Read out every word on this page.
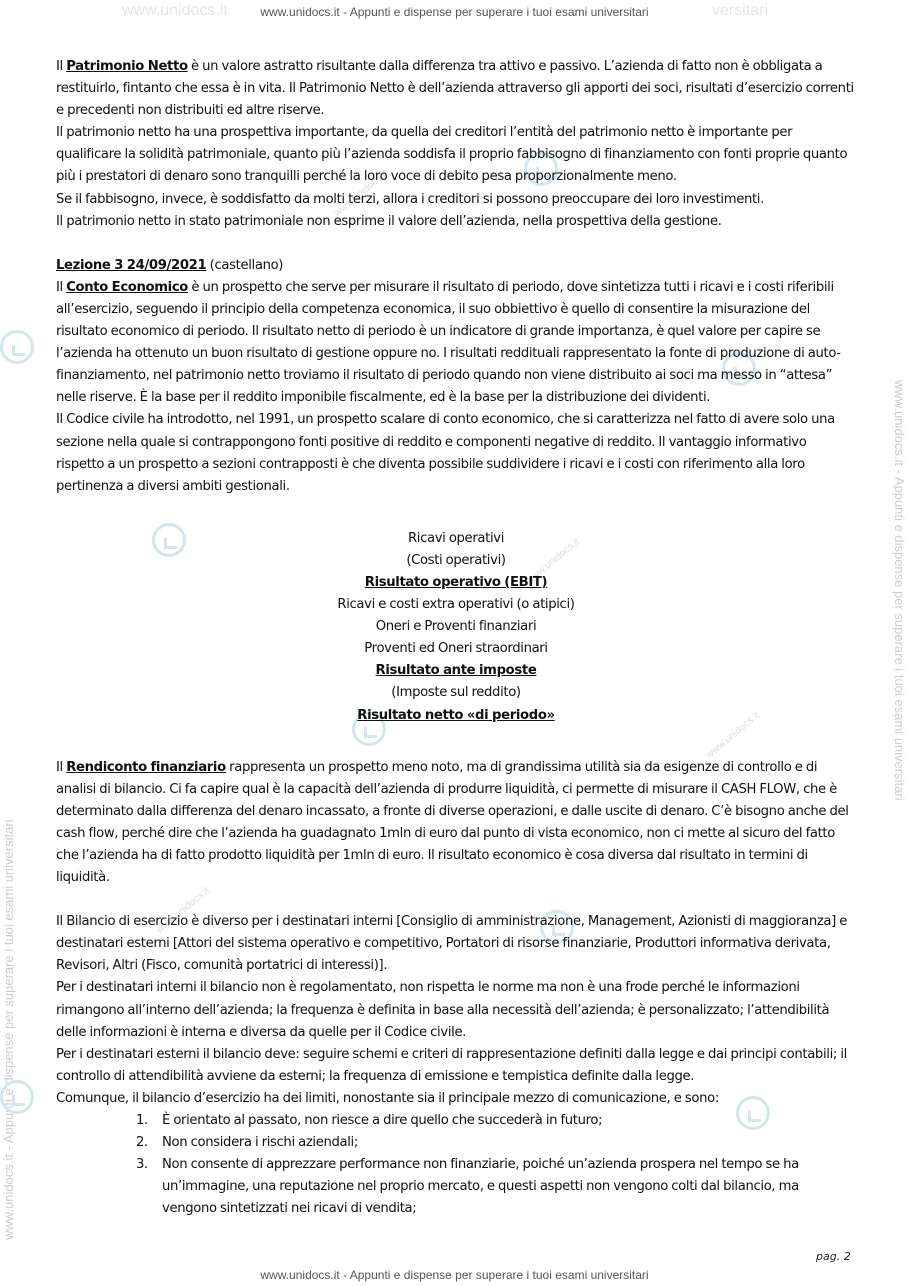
www.unidocs.it	versitari
www.unidocs.it - Appunti e dispense per superare i tuoi esami universitari
www.unidocs.it - Appunti e dispense per superare i tuoi esami universitari
www.unidocs.it - Appunti e dispense per superare i tuoi esami universitari
www.unidocs.it
www.unidocs.it
www.unidocs.it
www.unidocs.it

Il Patrimonio Netto è un valore astratto risultante dalla differenza tra attivo e passivo. L’azienda di fatto non è obbligata a restituirlo, fintanto che essa è in vita. Il Patrimonio Netto è dell’azienda attraverso gli apporti dei soci, risultati d’esercizio correnti e precedenti non distribuiti ed altre riserve.

Il patrimonio netto ha una prospettiva importante, da quella dei creditori l’entità del patrimonio netto è importante per qualificare la solidità patrimoniale, quanto più l’azienda soddisfa il proprio fabbisogno di finanziamento con fonti proprie quanto più i prestatori di denaro sono tranquilli perché la loro voce di debito pesa proporzionalmente meno.

Se il fabbisogno, invece, è soddisfatto da molti terzi, allora i creditori si possono preoccupare dei loro investimenti.

Il patrimonio netto in stato patrimoniale non esprime il valore dell’azienda, nella prospettiva della gestione.

Lezione 3 24/09/2021 (castellano)

Il Conto Economico è un prospetto che serve per misurare il risultato di periodo, dove sintetizza tutti i ricavi e i costi riferibili all’esercizio, seguendo il principio della competenza economica, il suo obbiettivo è quello di consentire la misurazione del risultato economico di periodo. Il risultato netto di periodo è un indicatore di grande importanza, è quel valore per capire se l’azienda ha ottenuto un buon risultato di gestione oppure no. I risultati reddituali rappresentato la fonte di produzione di auto-finanziamento, nel patrimonio netto troviamo il risultato di periodo quando non viene distribuito ai soci ma messo in “attesa” nelle riserve. È la base per il reddito imponibile fiscalmente, ed è la base per la distribuzione dei dividenti.

Il Codice civile ha introdotto, nel 1991, un prospetto scalare di conto economico, che si caratterizza nel fatto di avere solo una sezione nella quale si contrappongono fonti positive di reddito e componenti negative di reddito. Il vantaggio informativo rispetto a un prospetto a sezioni contrapposti è che diventa possibile suddividere i ricavi e i costi con riferimento alla loro pertinenza a diversi ambiti gestionali.

Ricavi operativi
(Costi operativi)
Risultato operativo (EBIT)
Ricavi e costi extra operativi (o atipici)
Oneri e Proventi finanziari
Proventi ed Oneri straordinari
Risultato ante imposte
(Imposte sul reddito)
Risultato netto «di periodo»

Il Rendiconto finanziario rappresenta un prospetto meno noto, ma di grandissima utilità sia da esigenze di controllo e di analisi di bilancio. Ci fa capire qual è la capacità dell’azienda di produrre liquidità, ci permette di misurare il CASH FLOW, che è determinato dalla differenza del denaro incassato, a fronte di diverse operazioni, e dalle uscite di denaro. C’è bisogno anche del cash flow, perché dire che l’azienda ha guadagnato 1mln di euro dal punto di vista economico, non ci mette al sicuro del fatto che l’azienda ha di fatto prodotto liquidità per 1mln di euro. Il risultato economico è cosa diversa dal risultato in termini di liquidità.

Il Bilancio di esercizio è diverso per i destinatari interni [Consiglio di amministrazione, Management, Azionisti di maggioranza] e destinatari esterni [Attori del sistema operativo e competitivo, Portatori di risorse finanziarie, Produttori informativa derivata, Revisori, Altri (Fisco, comunità portatrici di interessi)].

Per i destinatari interni il bilancio non è regolamentato, non rispetta le norme ma non è una frode perché le informazioni rimangono all’interno dell’azienda; la frequenza è definita in base alla necessità dell’azienda; è personalizzato; l’attendibilità delle informazioni è interna e diversa da quelle per il Codice civile.

Per i destinatari esterni il bilancio deve: seguire schemi e criteri di rappresentazione definiti dalla legge e dai principi contabili; il controllo di attendibilità avviene da esterni; la frequenza di emissione e tempistica definite dalla legge.

Comunque, il bilancio d’esercizio ha dei limiti, nonostante sia il principale mezzo di comunicazione, e sono:

1. È orientato al passato, non riesce a dire quello che succederà in futuro;
2. Non considera i rischi aziendali;
3. Non consente di apprezzare performance non finanziarie, poiché un’azienda prospera nel tempo se ha un’immagine, una reputazione nel proprio mercato, e questi aspetti non vengono colti dal bilancio, ma vengono sintetizzati nei ricavi di vendita;
pag. 2
www.unidocs.it - Appunti e dispense per superare i tuoi esami universitari
